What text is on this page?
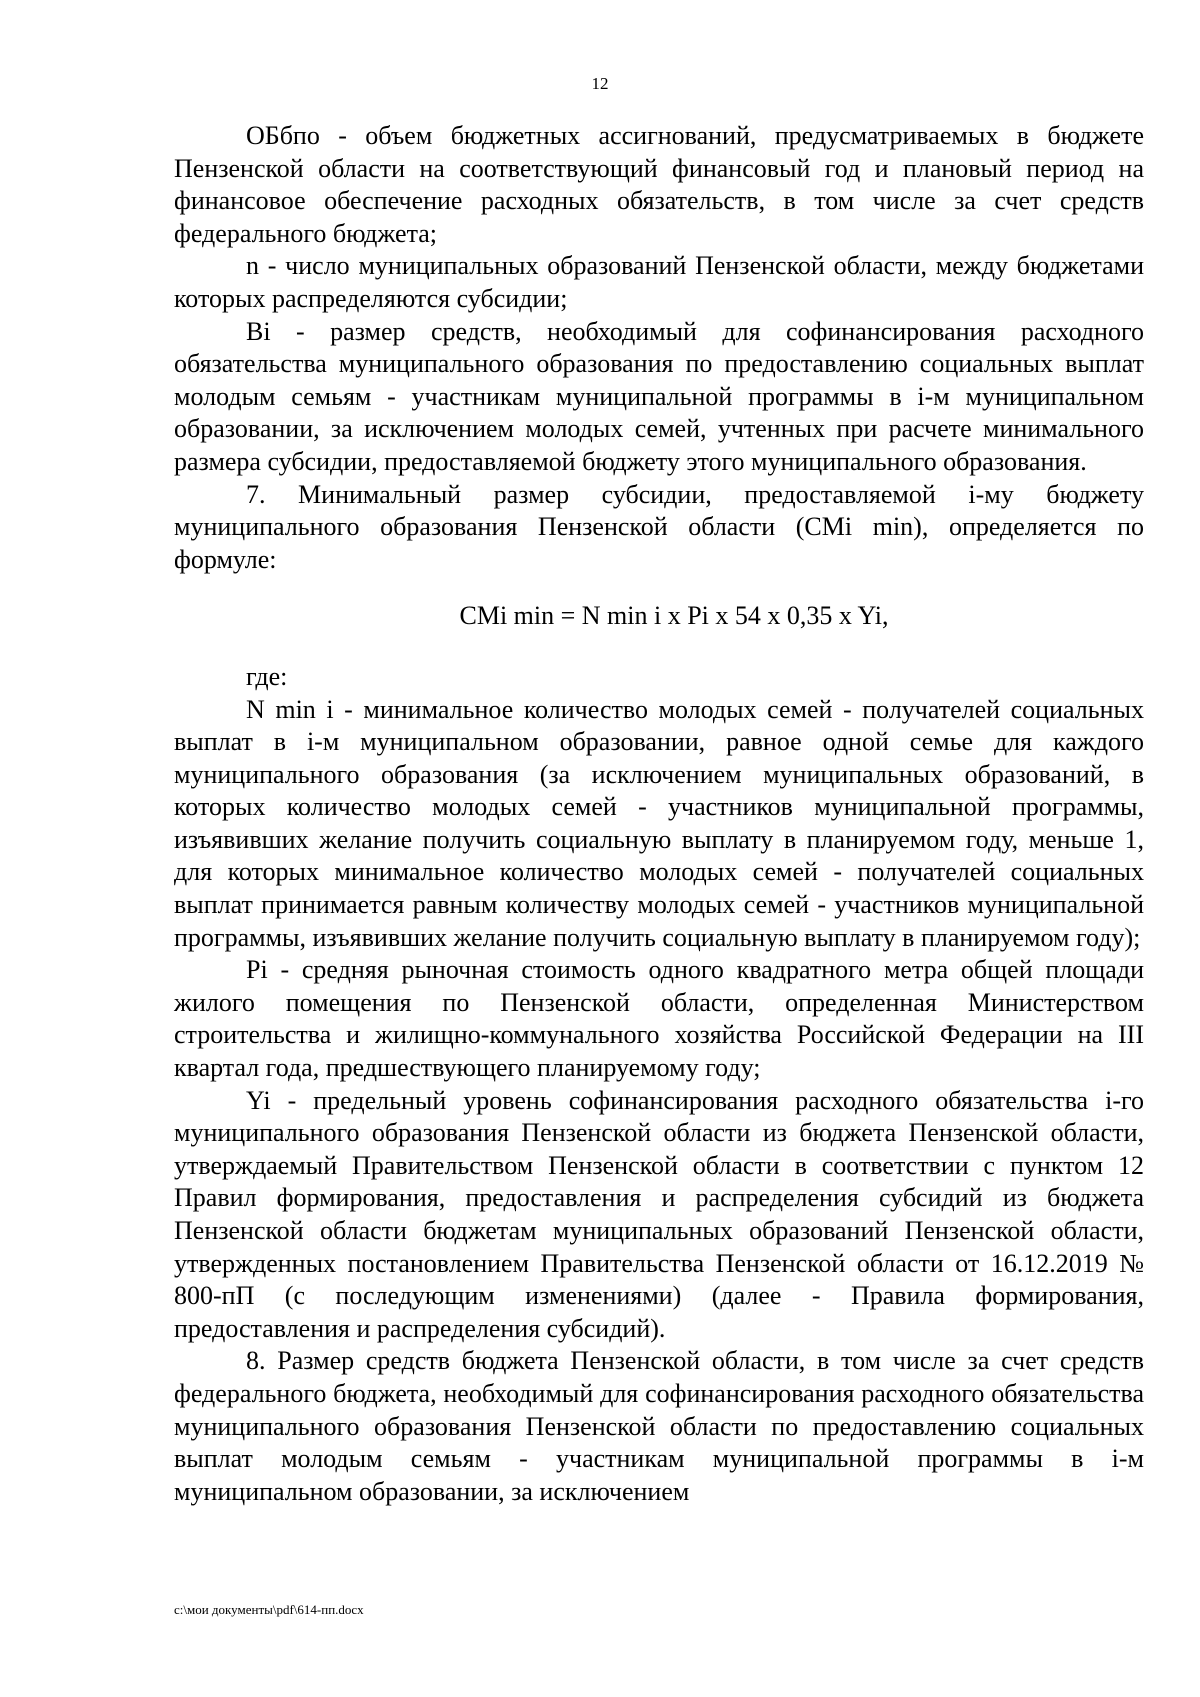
12

ОБбпо - объем бюджетных ассигнований, предусматриваемых в бюджете Пензенской области на соответствующий финансовый год и плановый период на финансовое обеспечение расходных обязательств, в том числе за счет средств федерального бюджета;

n - число муниципальных образований Пензенской области, между бюджетами которых распределяются субсидии;

Bi - размер средств, необходимый для софинансирования расходного обязательства муниципального образования по предоставлению социальных выплат молодым семьям - участникам муниципальной программы в i-м муниципальном образовании, за исключением молодых семей, учтенных при расчете минимального размера субсидии, предоставляемой бюджету этого муниципального образования.

7. Минимальный размер субсидии, предоставляемой i-му бюджету муниципального образования Пензенской области (CMi min), определяется по формуле:

CMi min = N min i x Pi x 54 x 0,35 x Yi,

где:

N min i - минимальное количество молодых семей - получателей социальных выплат в i-м муниципальном образовании, равное одной семье для каждого муниципального образования (за исключением муниципальных образований, в которых количество молодых семей - участников муниципальной программы, изъявивших желание получить социальную выплату в планируемом году, меньше 1, для которых минимальное количество молодых семей - получателей социальных выплат принимается равным количеству молодых семей - участников муниципальной программы, изъявивших желание получить социальную выплату в планируемом году);

Pi - средняя рыночная стоимость одного квадратного метра общей площади жилого помещения по Пензенской области, определенная Министерством строительства и жилищно-коммунального хозяйства Российской Федерации на III квартал года, предшествующего планируемому году;

Yi - предельный уровень софинансирования расходного обязательства i-го муниципального образования Пензенской области из бюджета Пензенской области, утверждаемый Правительством Пензенской области в соответствии с пунктом 12 Правил формирования, предоставления и распределения субсидий из бюджета Пензенской области бюджетам муниципальных образований Пензенской области, утвержденных постановлением Правительства Пензенской области от 16.12.2019 № 800-пП (с последующим изменениями) (далее - Правила формирования, предоставления и распределения субсидий).

8. Размер средств бюджета Пензенской области, в том числе за счет средств федерального бюджета, необходимый для софинансирования расходного обязательства муниципального образования Пензенской области по предоставлению социальных выплат молодым семьям - участникам муниципальной программы в i-м муниципальном образовании, за исключением

c:\мои документы\pdf\614-пп.docx
